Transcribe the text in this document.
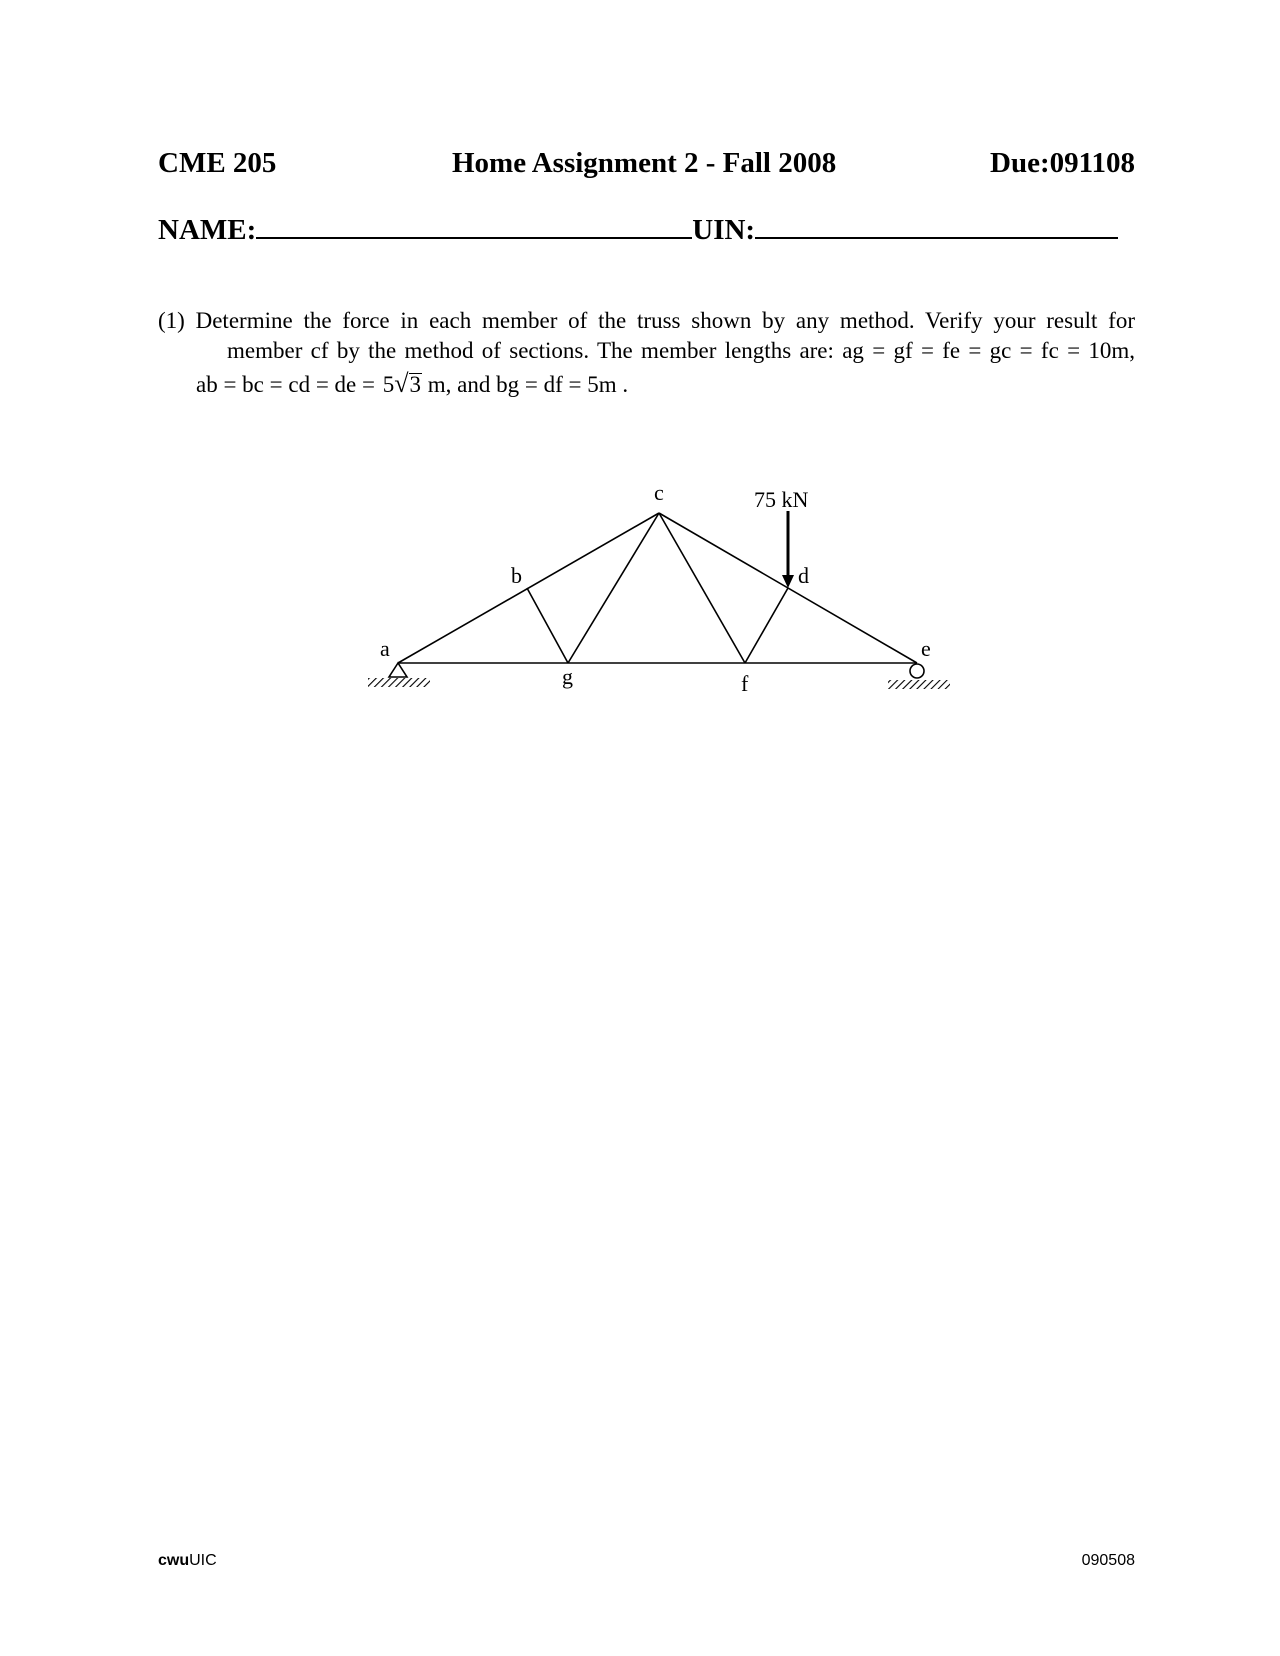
CME 205	Home Assignment 2 - Fall 2008	Due:091108
NAME:	UIN:
(1) Determine the force in each member of the truss shown by any method. Verify your result for
member cf by the method of sections. The member lengths are: ag = gf = fe = gc = fc = 10m,
ab = bc = cd = de = 5√3 m, and bg = df = 5m .
a
b
c
d
e
f
g
75 kN
cwuUIC	090508
